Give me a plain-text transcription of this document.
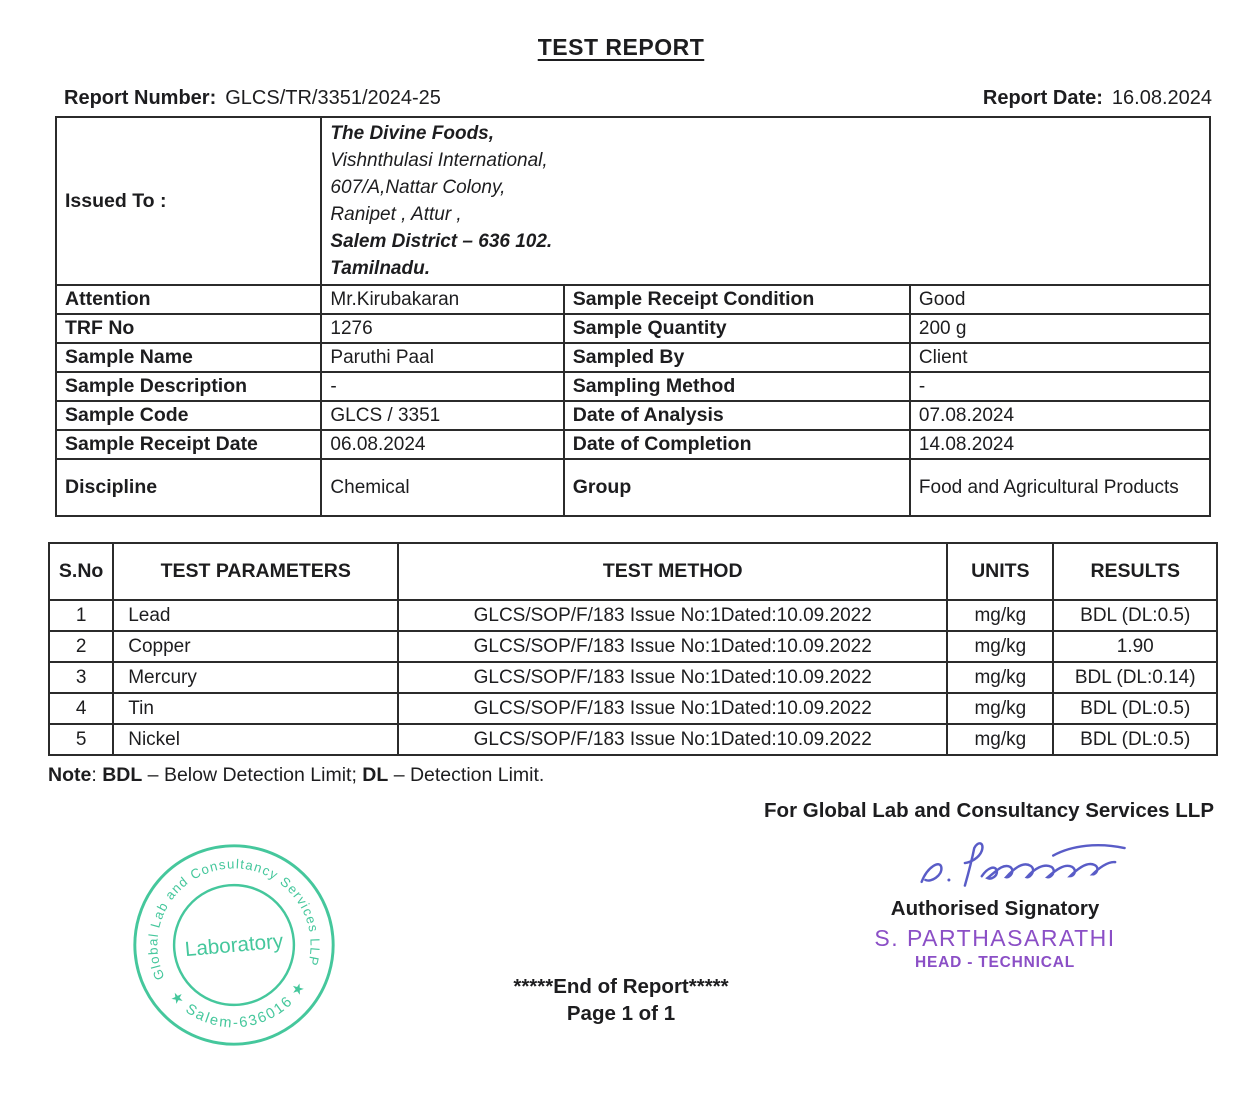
TEST REPORT
Report Number: GLCS/TR/3351/2024-25	Report Date: 16.08.2024
Issued To :	
The Divine Foods,
Vishnthulasi International,
607/A,Nattar Colony,
Ranipet , Attur ,
Salem District – 636 102.
Tamilnadu.

Attention	Mr.Kirubakaran	Sample Receipt Condition	Good
TRF No	1276	Sample Quantity	200 g
Sample Name	Paruthi Paal	Sampled By	Client
Sample Description	-	Sampling Method	-
Sample Code	GLCS / 3351	Date of Analysis	07.08.2024
Sample Receipt Date	06.08.2024	Date of Completion	14.08.2024
Discipline	Chemical	Group	Food and Agricultural Products
S.No	TEST PARAMETERS	TEST METHOD	UNITS	RESULTS
1	Lead	GLCS/SOP/F/183 Issue No:1Dated:10.09.2022	mg/kg	BDL (DL:0.5)
2	Copper	GLCS/SOP/F/183 Issue No:1Dated:10.09.2022	mg/kg	1.90
3	Mercury	GLCS/SOP/F/183 Issue No:1Dated:10.09.2022	mg/kg	BDL (DL:0.14)
4	Tin	GLCS/SOP/F/183 Issue No:1Dated:10.09.2022	mg/kg	BDL (DL:0.5)
5	Nickel	GLCS/SOP/F/183 Issue No:1Dated:10.09.2022	mg/kg	BDL (DL:0.5)
Note: BDL – Below Detection Limit; DL – Detection Limit.
For Global Lab and Consultancy Services LLP
Global Lab and Consultancy Services LLP
★ Salem-636016 ★
Laboratory
Authorised Signatory
S. PARTHASARATHI
HEAD - TECHNICAL
*****End of Report*****
Page 1 of 1
